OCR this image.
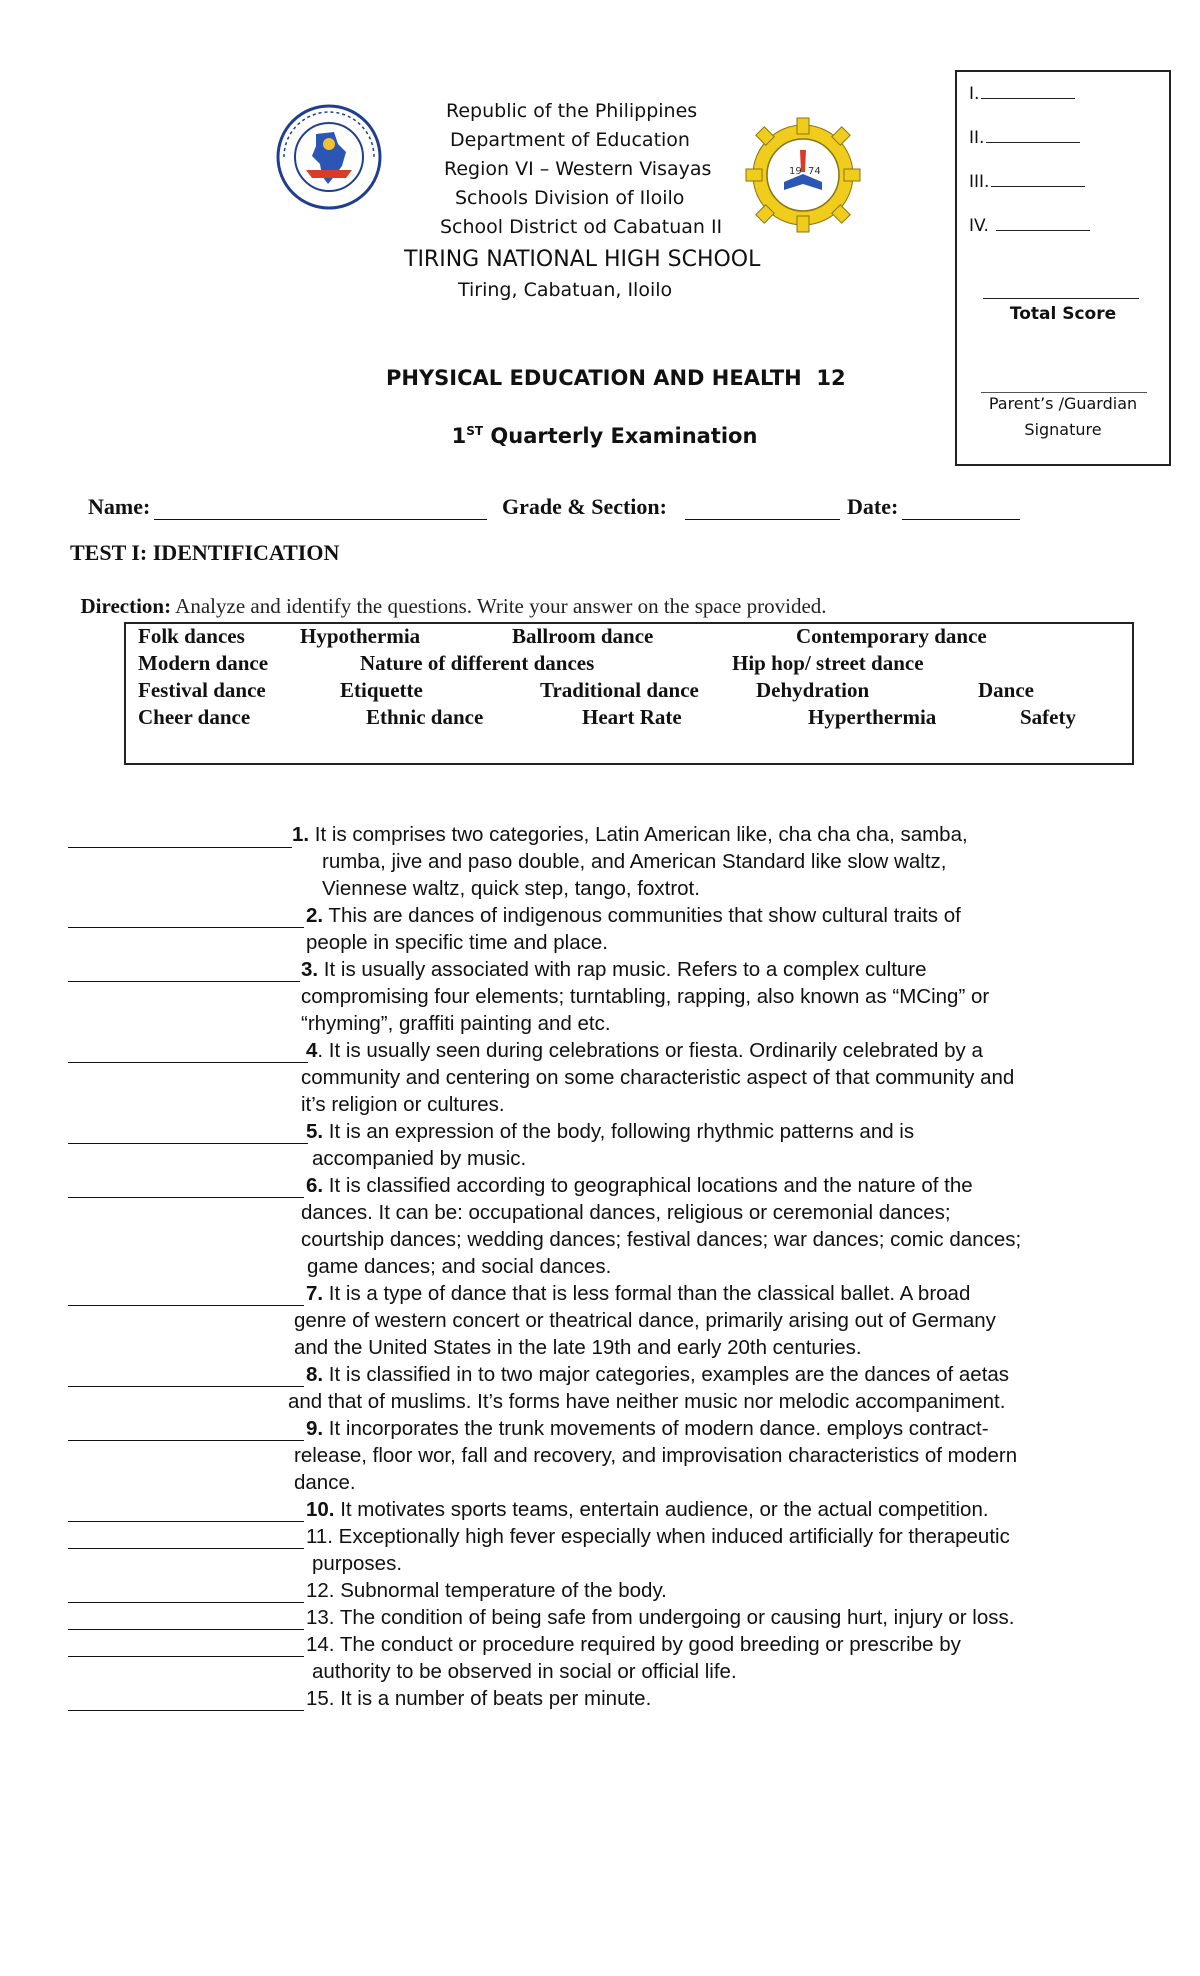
Republic of the Philippines
Department of Education
Region VI – Western Visayas
Schools Division of Iloilo
School District od Cabatuan II
TIRING NATIONAL HIGH SCHOOL
Tiring, Cabatuan, Iloilo
19 74
PHYSICAL EDUCATION AND HEALTH  12

1ST Quarterly Examination

I.
II.
III.
IV.
Total Score
Parent’s /Guardian
Signature
Name:	Grade & Section:	Date:
TEST I: IDENTIFICATION

Direction: Analyze and identify the questions. Write your answer on the space provided.

Folk dances	Hypothermia	Ballroom dance	Contemporary dance
Modern dance	Nature of different dances	Hip hop/ street dance
Festival dance	Etiquette	Traditional dance	Dehydration	Dance
Cheer dance	Ethnic dance	Heart Rate	Hyperthermia	Safety
1. It is comprises two categories, Latin American like, cha cha cha, samba,
rumba, jive and paso double, and American Standard like slow waltz,
Viennese waltz, quick step, tango, foxtrot.
2. This are dances of indigenous communities that show cultural traits of
people in specific time and place.
3. It is usually associated with rap music. Refers to a complex culture
compromising four elements; turntabling, rapping, also known as “MCing” or
“rhyming”, graffiti painting and etc.
4. It is usually seen during celebrations or fiesta. Ordinarily celebrated by a
community and centering on some characteristic aspect of that community and
it’s religion or cultures.
5. It is an expression of the body, following rhythmic patterns and is
accompanied by music.
6. It is classified according to geographical locations and the nature of the
dances. It can be: occupational dances, religious or ceremonial dances;
courtship dances; wedding dances; festival dances; war dances; comic dances;
game dances; and social dances.
7. It is a type of dance that is less formal than the classical ballet. A broad
genre of western concert or theatrical dance, primarily arising out of Germany
and the United States in the late 19th and early 20th centuries.
8. It is classified in to two major categories, examples are the dances of aetas
and that of muslims. It’s forms have neither music nor melodic accompaniment.
9. It incorporates the trunk movements of modern dance. employs contract-
release, floor wor, fall and recovery, and improvisation characteristics of modern
dance.
10. It motivates sports teams, entertain audience, or the actual competition.
11. Exceptionally high fever especially when induced artificially for therapeutic
purposes.
12. Subnormal temperature of the body.
13. The condition of being safe from undergoing or causing hurt, injury or loss.
14. The conduct or procedure required by good breeding or prescribe by
authority to be observed in social or official life.
15. It is a number of beats per minute.
